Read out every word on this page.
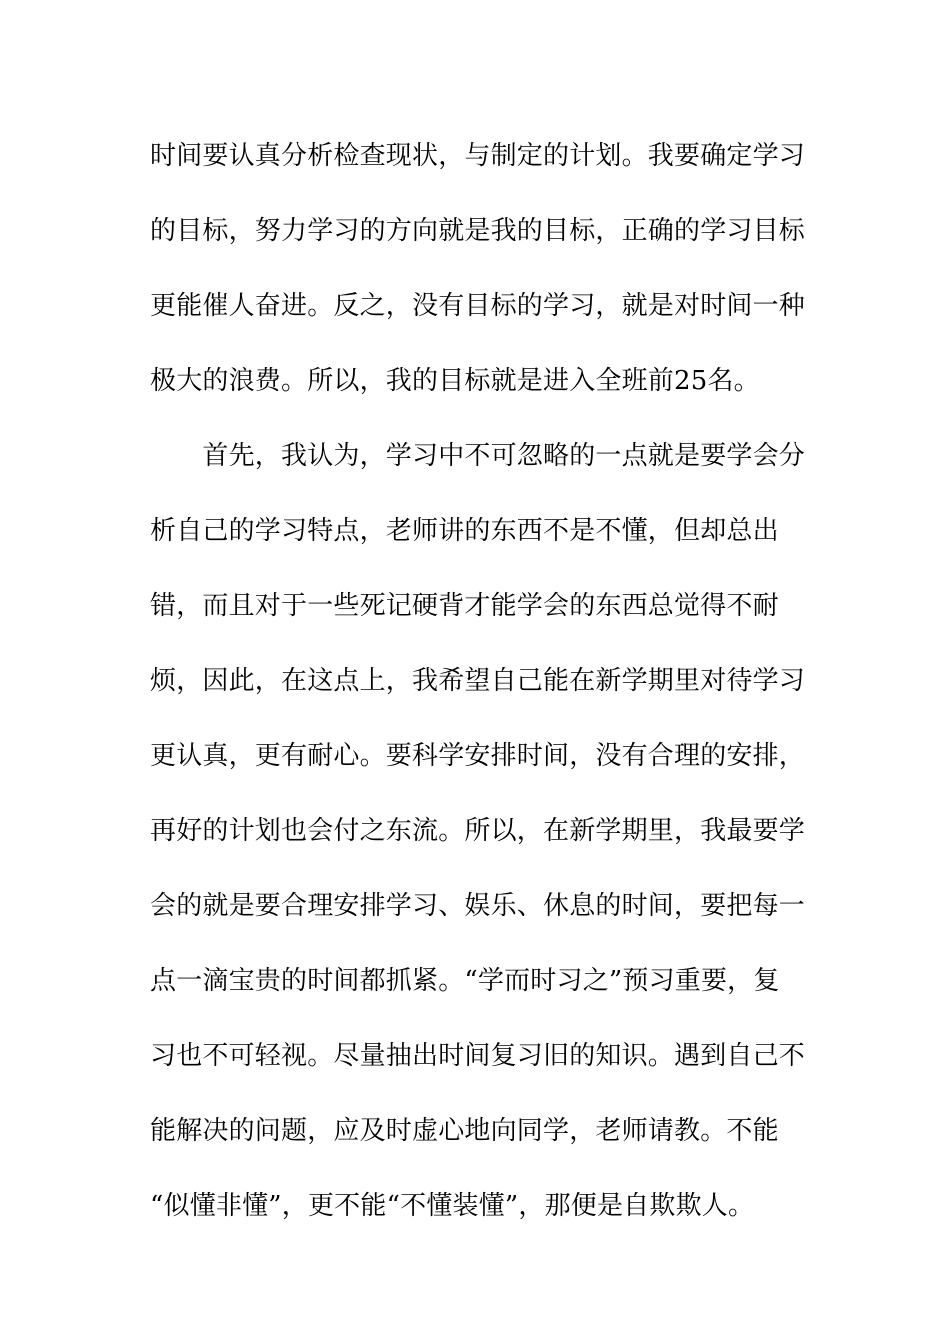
时间要认真分析检查现状，与制定的计划。我要确定学习
的目标，努力学习的方向就是我的目标，正确的学习目标
更能催人奋进。反之，没有目标的学习，就是对时间一种
极大的浪费。所以，我的目标就是进入全班前25名。
　　首先，我认为，学习中不可忽略的一点就是要学会分
析自己的学习特点，老师讲的东西不是不懂，但却总出
错，而且对于一些死记硬背才能学会的东西总觉得不耐
烦，因此，在这点上，我希望自己能在新学期里对待学习
更认真，更有耐心。要科学安排时间，没有合理的安排，
再好的计划也会付之东流。所以，在新学期里，我最要学
会的就是要合理安排学习、娱乐、休息的时间，要把每一
点一滴宝贵的时间都抓紧。“学而时习之”预习重要，复
习也不可轻视。尽量抽出时间复习旧的知识。遇到自己不
能解决的问题，应及时虚心地向同学，老师请教。不能
“似懂非懂”，更不能“不懂装懂”，那便是自欺欺人。
